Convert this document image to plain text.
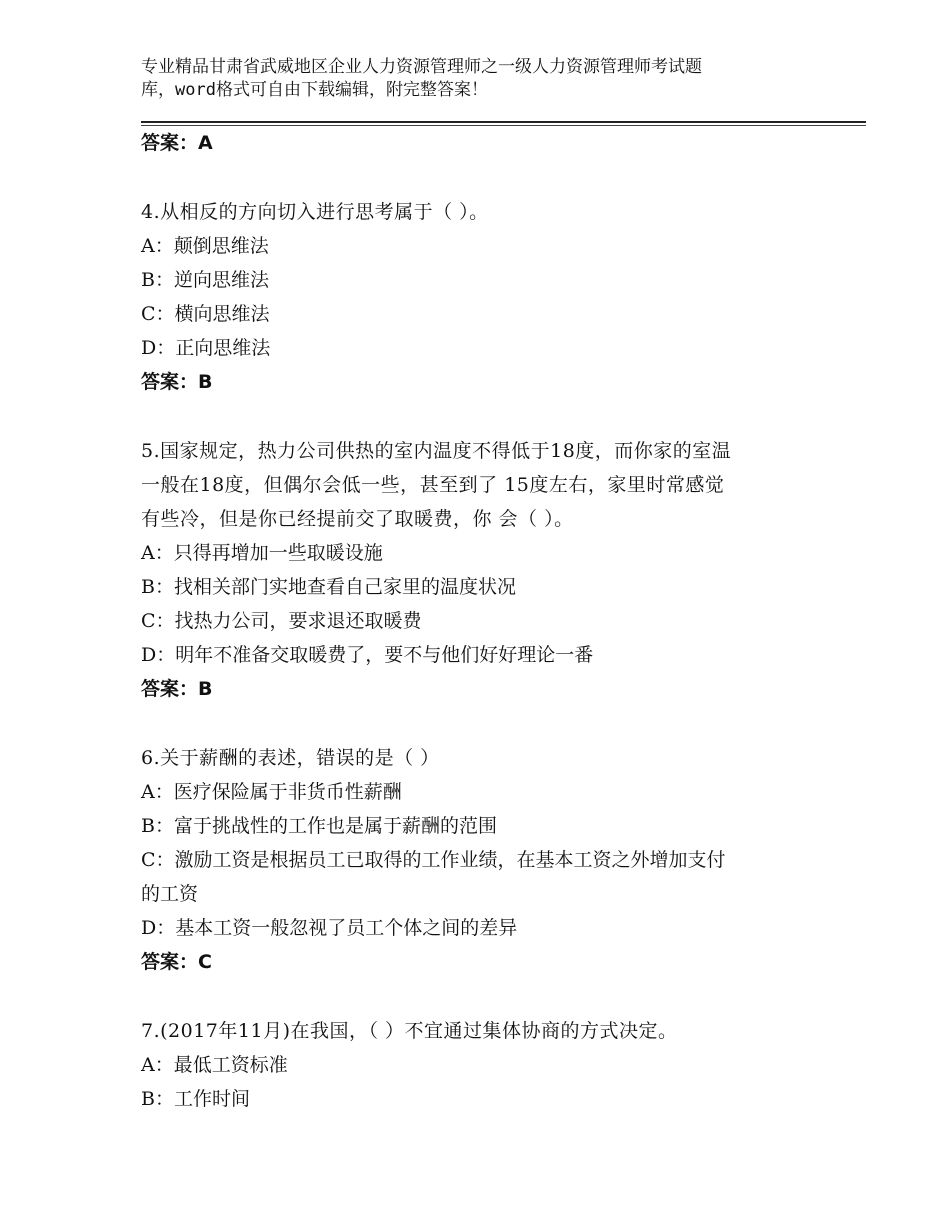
专业精品甘肃省武威地区企业人力资源管理师之一级人力资源管理师考试题
库，word格式可自由下载编辑，附完整答案！
答案：A
4.从相反的方向切入进行思考属于（ ）。
A：颠倒思维法
B：逆向思维法
C：横向思维法
D：正向思维法
答案：B
5.国家规定，热力公司供热的室内温度不得低于18度，而你家的室温
一般在18度，但偶尔会低一些，甚至到了 15度左右，家里时常感觉
有些冷，但是你已经提前交了取暖费，你 会（ ）。
A：只得再增加一些取暖设施
B：找相关部门实地查看自己家里的温度状况
C：找热力公司，要求退还取暖费
D：明年不准备交取暖费了，要不与他们好好理论一番
答案：B
6.关于薪酬的表述，错误的是（ ）
A：医疗保险属于非货币性薪酬
B：富于挑战性的工作也是属于薪酬的范围
C：激励工资是根据员工已取得的工作业绩，在基本工资之外增加支付
的工资
D：基本工资一般忽视了员工个体之间的差异
答案：C
7.(2017年11月)在我国，（ ）不宜通过集体协商的方式决定。
A：最低工资标准
B：工作时间
